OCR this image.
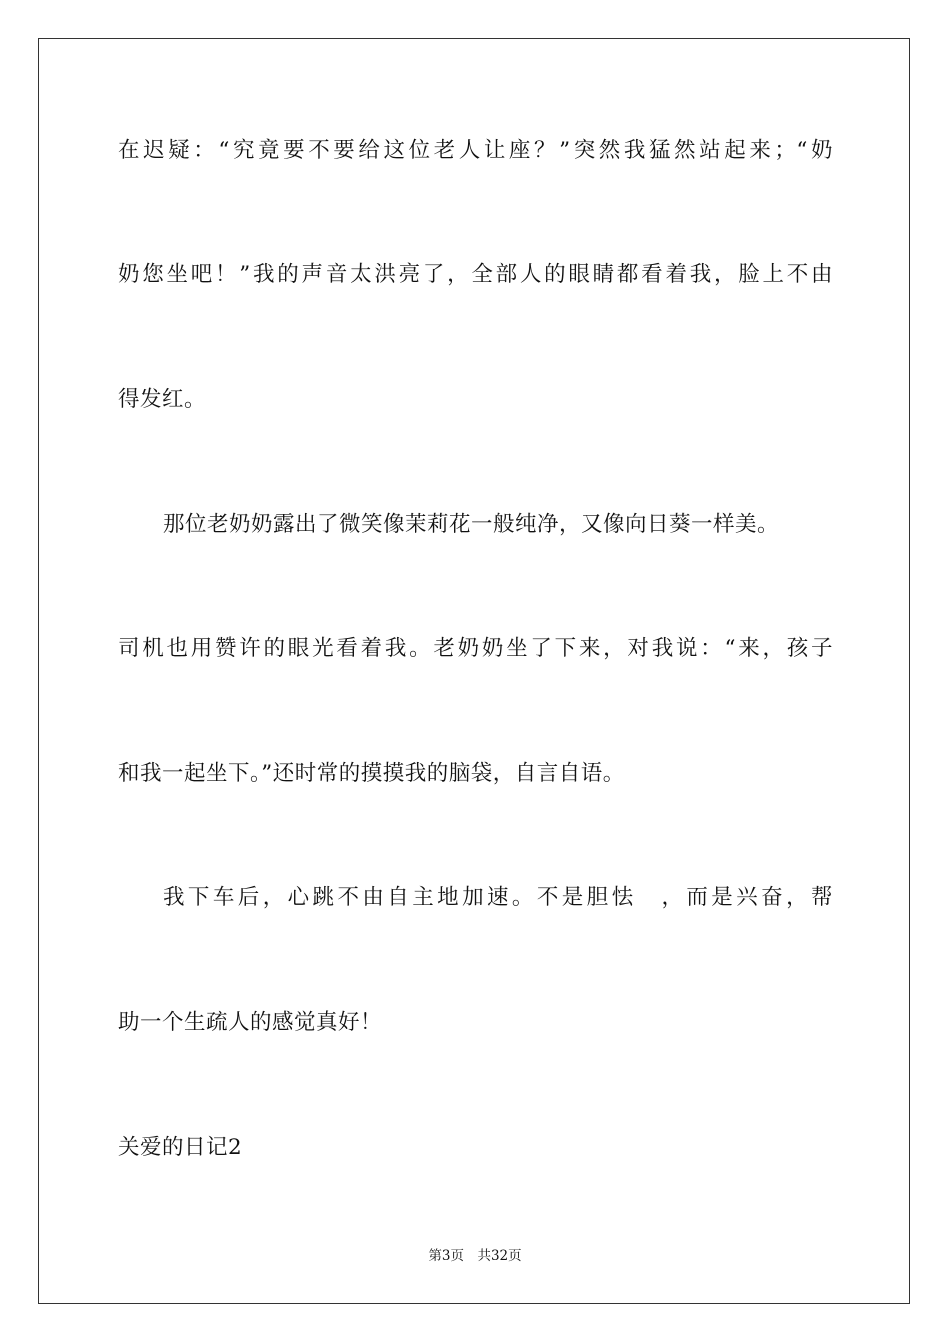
在迟疑：“究竟要不要给这位老人让座？”突然我猛然站起来；“奶
奶您坐吧！”我的声音太洪亮了，全部人的眼睛都看着我，脸上不由
得发红。
那位老奶奶露出了微笑像茉莉花一般纯净，又像向日葵一样美。
司机也用赞许的眼光看着我。老奶奶坐了下来，对我说：“来，孩子
和我一起坐下。”还时常的摸摸我的脑袋，自言自语。
我下车后，心跳不由自主地加速。不是胆怯　，而是兴奋，帮
助一个生疏人的感觉真好！
关爱的日记2
第3页　共32页
